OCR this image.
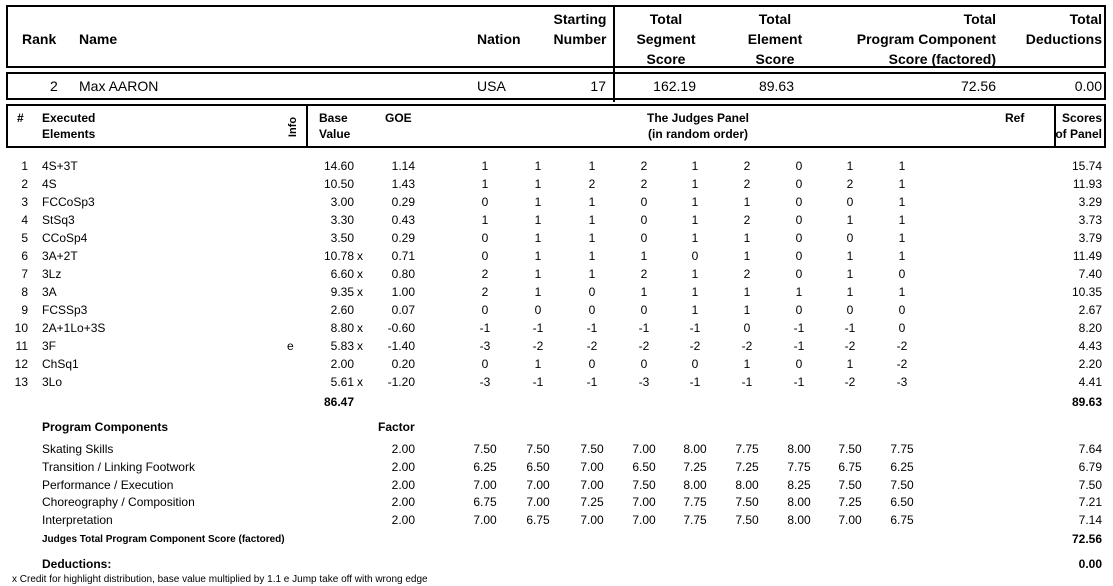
Rank Name	Nation
Starting
Number
Total
Segment
Score
Total
Element
Score
Total
Program Component
Score (factored)
Total
Deductions
2 Max AARON	USA	17	162.19	89.63	72.56	0.00
# Executed
Elements	Info Base
Value
GOE	The Judges Panel
(in random order)
Ref	Scores
of Panel
1 4S+3T	14.60	1.14	1	1	1	2	1	2	0	1	1	15.74
2 4S	10.50	1.43	1	1	2	2	1	2	0	2	1	11.93
3 FCCoSp3	3.00	0.29	0	1	1	0	1	1	0	0	1	3.29
4 StSq3	3.30	0.43	1	1	1	0	1	2	0	1	1	3.73
5 CCoSp4	3.50	0.29	0	1	1	0	1	1	0	0	1	3.79
6 3A+2T	10.78 x	0.71	0	1	1	1	0	1	0	1	1	11.49
7 3Lz	6.60 x	0.80	2	1	1	2	1	2	0	1	0	7.40
8 3A	9.35 x	1.00	2	1	0	1	1	1	1	1	1	10.35
9 FCSSp3	2.60	0.07	0	0	0	0	1	1	0	0	0	2.67
10 2A+1Lo+3S	8.80 x	-0.60	-1	-1	-1	-1	-1	0	-1	-1	0	8.20
11 3F	e	5.83 x	-1.40	-3	-2	-2	-2	-2	-2	-1	-2	-2	4.43
12 ChSq1	2.00	0.20	0	1	0	0	0	1	0	1	-2	2.20
13 3Lo	5.61 x	-1.20	-3	-1	-1	-3	-1	-1	-1	-2	-3	4.41
86.47	89.63
Program Components	Factor
Skating Skills	2.00	7.50	7.50	7.50	7.00	8.00	7.75	8.00	7.50	7.75	7.64
Transition / Linking Footwork	2.00	6.25	6.50	7.00	6.50	7.25	7.25	7.75	6.75	6.25	6.79
Performance / Execution	2.00	7.00	7.00	7.00	7.50	8.00	8.00	8.25	7.50	7.50	7.50
Choreography / Composition	2.00	6.75	7.00	7.25	7.00	7.75	7.50	8.00	7.25	6.50	7.21
Interpretation	2.00	7.00	6.75	7.00	7.00	7.75	7.50	8.00	7.00	6.75	7.14
Judges Total Program Component Score (factored)	72.56
Deductions:	0.00
x Credit for highlight distribution, base value multiplied by 1.1 e Jump take off with wrong edge
